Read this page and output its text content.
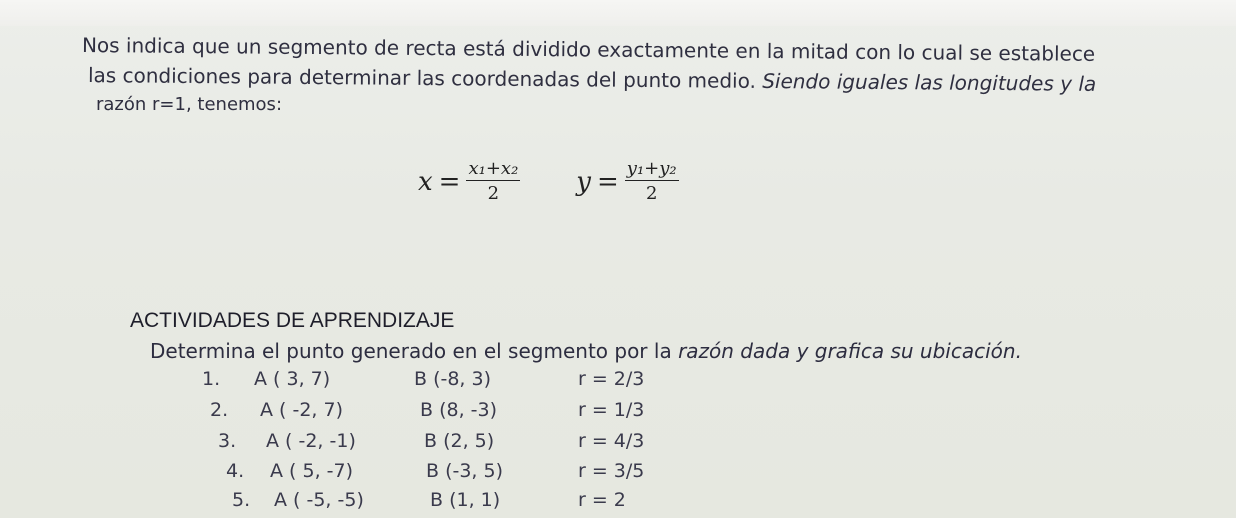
Nos indica que un segmento de recta está dividido exactamente en la mitad con lo cual se establece
las condiciones para determinar las coordenadas del punto medio. Siendo iguales las longitudes y la
razón r=1, tenemos:
$x = \frac{\text{x₁+x₂}}{2}$ $y = \frac{\text{y₁+y₂}}{2}$
ACTIVIDADES DE APRENDIZAJE
Determina el punto generado en el segmento por la razón dada y grafica su ubicación.
1. A ( 3, 7)	B (-8, 3)	r = 2/3
2. A ( -2, 7)	B (8, -3)	r = 1/3
3. A ( -2, -1)	B (2, 5)	r = 4/3
4. A ( 5, -7)	B (-3, 5)	r = 3/5
5. A ( -5, -5)	B (1, 1)	r = 2
